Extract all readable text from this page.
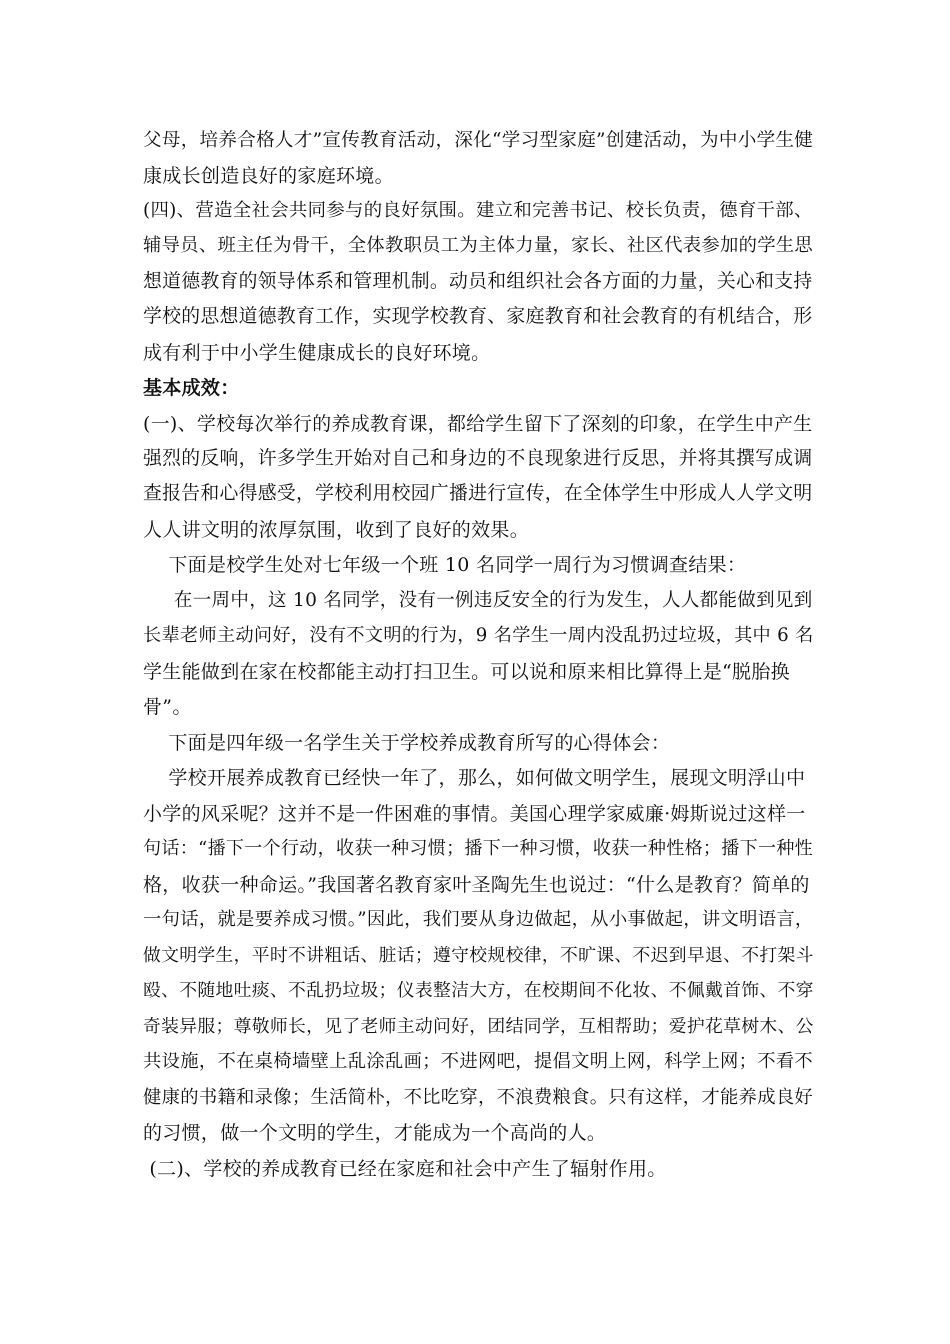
父母，培养合格人才”宣传教育活动，深化“学习型家庭”创建活动，为中小学生健
康成长创造良好的家庭环境。
(四)、营造全社会共同参与的良好氛围。建立和完善书记、校长负责，德育干部、
辅导员、班主任为骨干，全体教职员工为主体力量，家长、社区代表参加的学生思
想道德教育的领导体系和管理机制。动员和组织社会各方面的力量，关心和支持
学校的思想道德教育工作，实现学校教育、家庭教育和社会教育的有机结合，形
成有利于中小学生健康成长的良好环境。
基本成效：
(一)、学校每次举行的养成教育课，都给学生留下了深刻的印象，在学生中产生
强烈的反响，许多学生开始对自己和身边的不良现象进行反思，并将其撰写成调
查报告和心得感受，学校利用校园广播进行宣传，在全体学生中形成人人学文明
人人讲文明的浓厚氛围，收到了良好的效果。
下面是校学生处对七年级一个班 10 名同学一周行为习惯调查结果：
在一周中，这 10 名同学，没有一例违反安全的行为发生，人人都能做到见到
长辈老师主动问好，没有不文明的行为，9 名学生一周内没乱扔过垃圾，其中 6 名
学生能做到在家在校都能主动打扫卫生。可以说和原来相比算得上是“脱胎换
骨”。
下面是四年级一名学生关于学校养成教育所写的心得体会：
学校开展养成教育已经快一年了，那么，如何做文明学生，展现文明浮山中
小学的风采呢？这并不是一件困难的事情。美国心理学家威廉·姆斯说过这样一
句话：“播下一个行动，收获一种习惯；播下一种习惯，收获一种性格；播下一种性
格，收获一种命运。”我国著名教育家叶圣陶先生也说过：“什么是教育？简单的
一句话，就是要养成习惯。”因此，我们要从身边做起，从小事做起，讲文明语言，
做文明学生，平时不讲粗话、脏话；遵守校规校律，不旷课、不迟到早退、不打架斗
殴、不随地吐痰、不乱扔垃圾；仪表整洁大方，在校期间不化妆、不佩戴首饰、不穿
奇装异服；尊敬师长，见了老师主动问好，团结同学，互相帮助；爱护花草树木、公
共设施，不在桌椅墙壁上乱涂乱画；不进网吧，提倡文明上网，科学上网；不看不
健康的书籍和录像；生活简朴，不比吃穿，不浪费粮食。只有这样，才能养成良好
的习惯，做一个文明的学生，才能成为一个高尚的人。
(二)、学校的养成教育已经在家庭和社会中产生了辐射作用。
